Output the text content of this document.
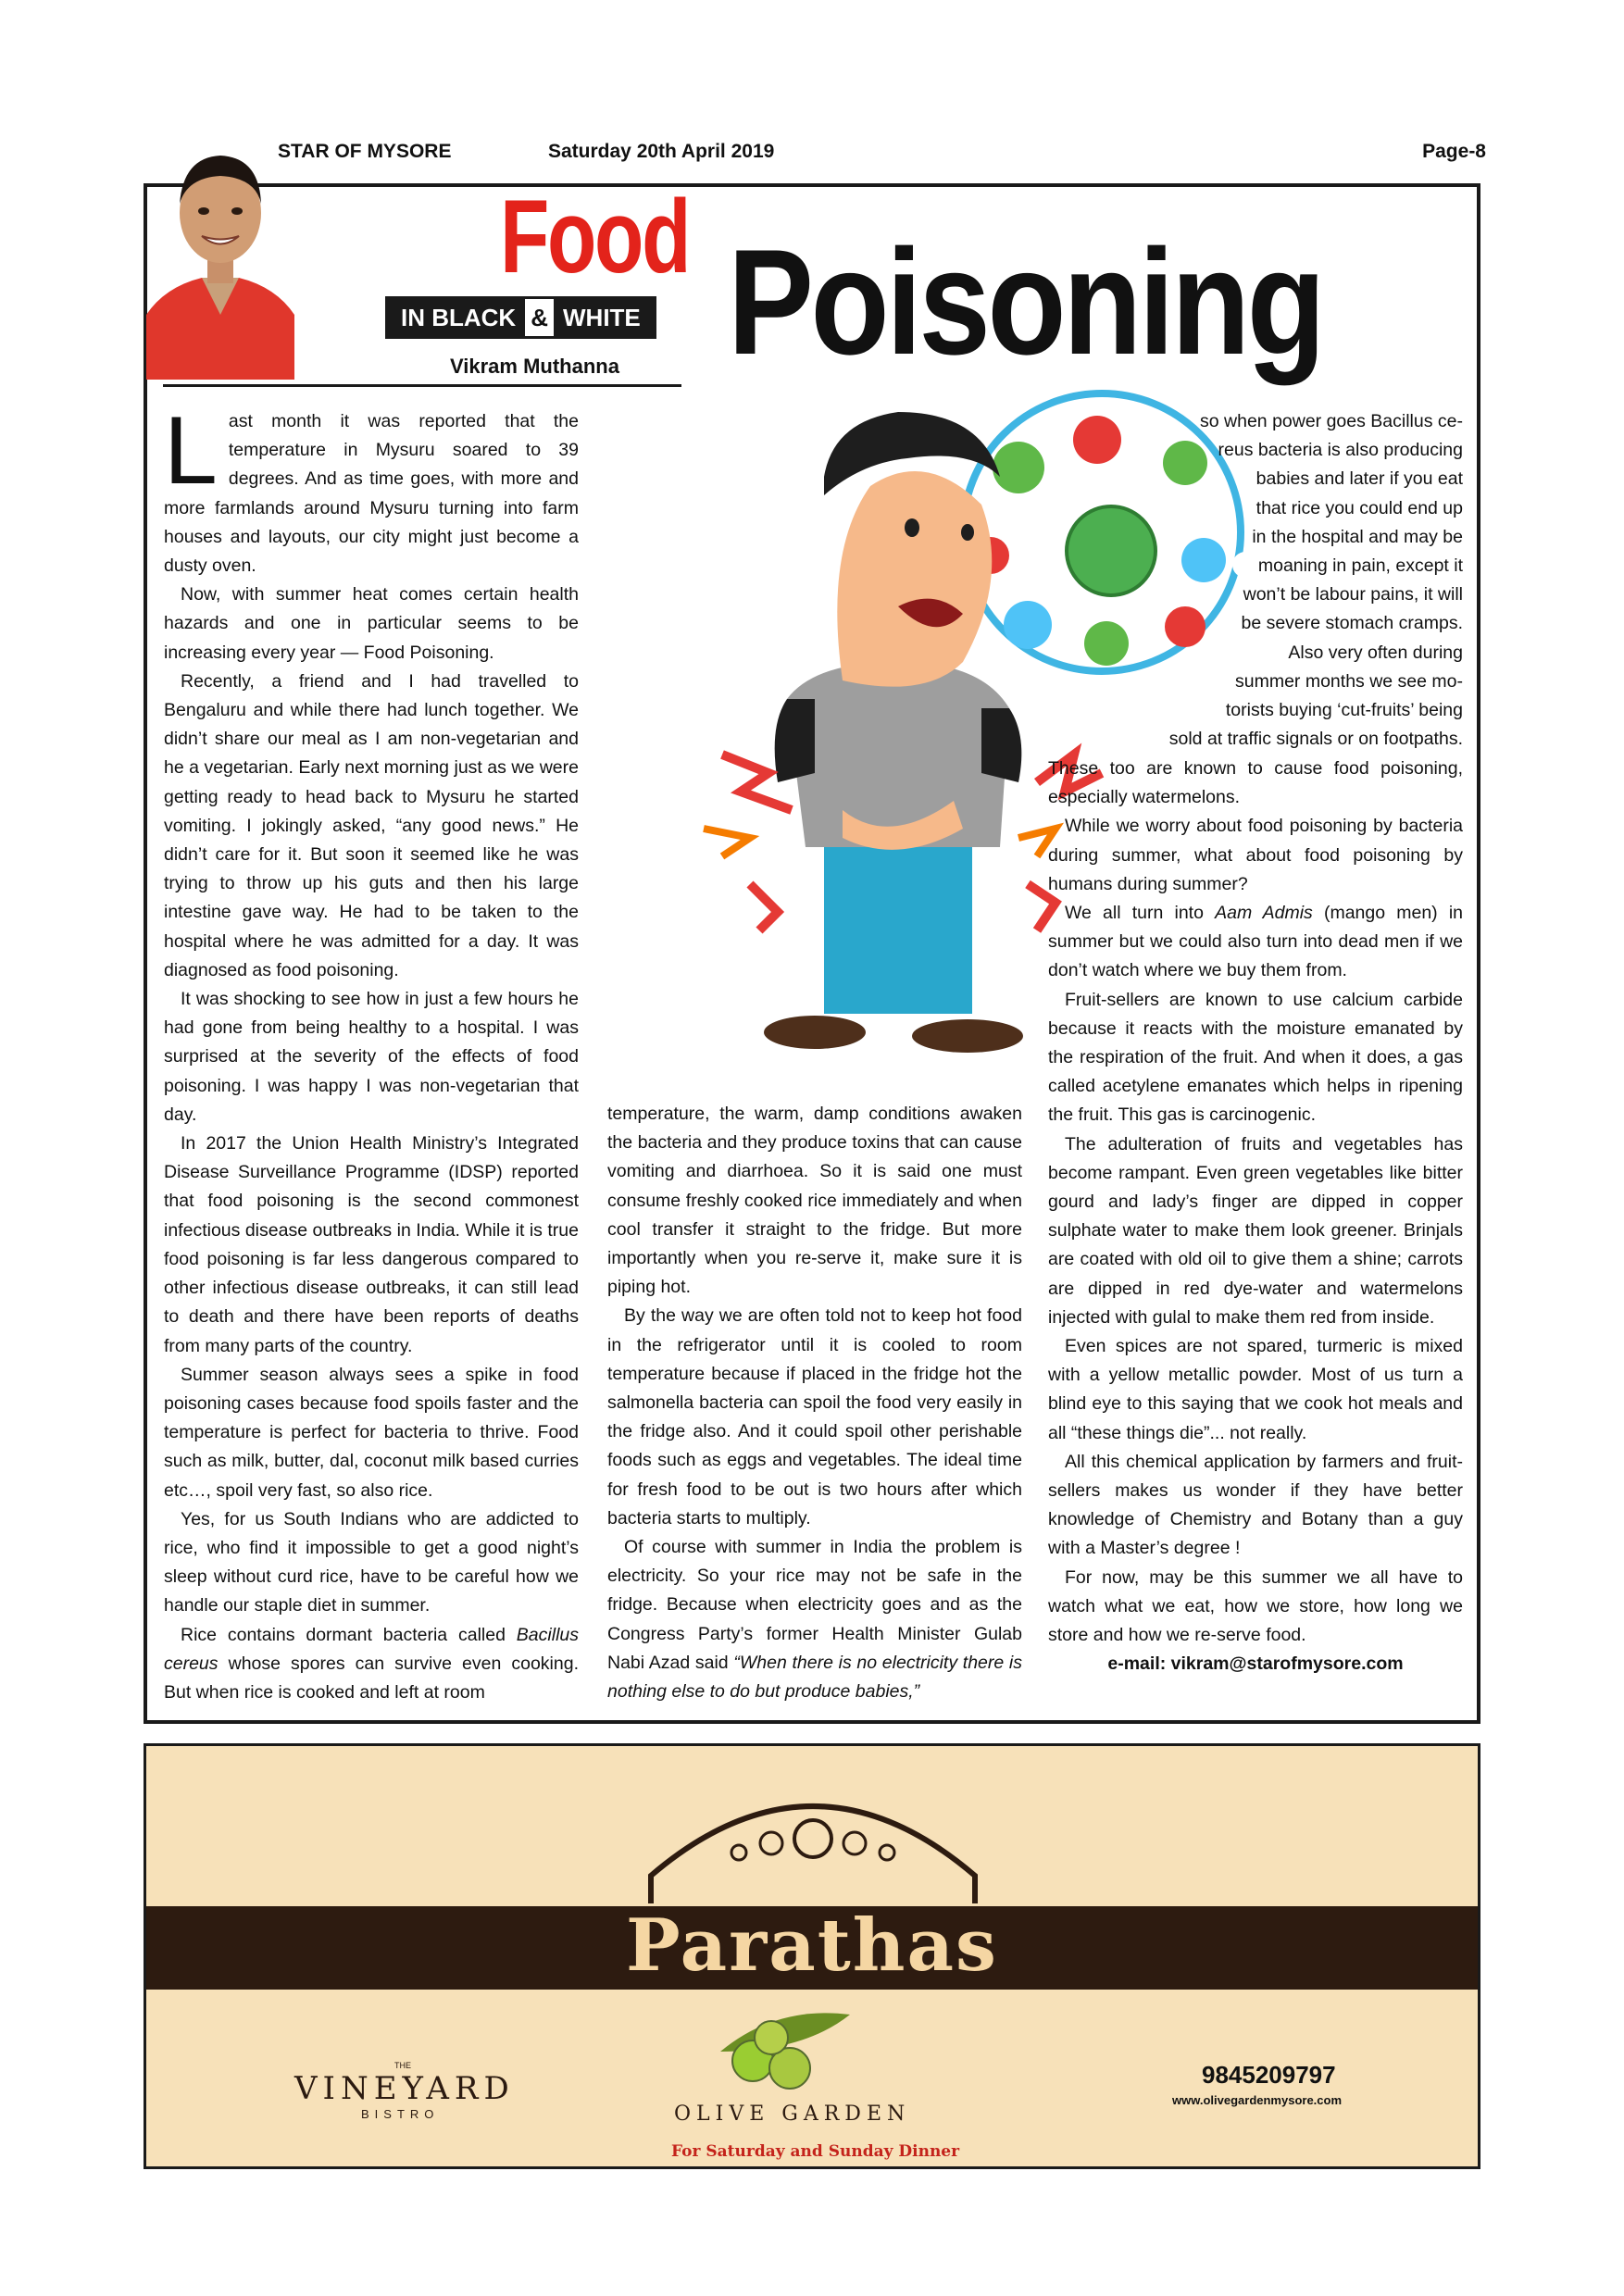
STAR OF MYSORE	Saturday 20th April 2019	Page-8
Food
IN BLACK & WHITE
Vikram Muthanna Poisoning

Last month it was reported that the temperature in Mysuru soared to 39 degrees. And as time goes, with more and more farmlands around Mysuru turning into farm houses and layouts, our city might just become a dusty oven.

Now, with summer heat comes certain health hazards and one in particular seems to be increasing every year — Food Poisoning.

Recently, a friend and I had travelled to Bengaluru and while there had lunch together. We didn’t share our meal as I am non-vegetarian and he a vegetarian. Early next morning just as we were getting ready to head back to Mysuru he started vomiting. I jokingly asked, “any good news.” He didn’t care for it. But soon it seemed like he was trying to throw up his guts and then his large intestine gave way. He had to be taken to the hospital where he was admitted for a day. It was diagnosed as food poisoning.

It was shocking to see how in just a few hours he had gone from being healthy to a hospital. I was surprised at the severity of the effects of food poisoning. I was happy I was non-vegetarian that day.

In 2017 the Union Health Ministry’s Integrated Disease Surveillance Programme (IDSP) reported that food poisoning is the second commonest infectious disease outbreaks in India. While it is true food poisoning is far less dangerous compared to other infectious disease outbreaks, it can still lead to death and there have been reports of deaths from many parts of the country.

Summer season always sees a spike in food poisoning cases because food spoils faster and the temperature is perfect for bacteria to thrive. Food such as milk, butter, dal, coconut milk based curries etc…, spoil very fast, so also rice.

Yes, for us South Indians who are addicted to rice, who find it impossible to get a good night’s sleep without curd rice, have to be careful how we handle our staple diet in summer.

Rice contains dormant bacteria called Bacillus cereus whose spores can survive even cooking. But when rice is cooked and left at room

temperature, the warm, damp conditions awaken the bacteria and they produce toxins that can cause vomiting and diarrhoea. So it is said one must consume freshly cooked rice immediately and when cool transfer it straight to the fridge. But more importantly when you re-serve it, make sure it is piping hot.

By the way we are often told not to keep hot food in the refrigerator until it is cooled to room temperature because if placed in the fridge hot the salmonella bacteria can spoil the food very easily in the fridge also. And it could spoil other perishable foods such as eggs and vegetables. The ideal time for fresh food to be out is two hours after which bacteria starts to multiply.

Of course with summer in India the problem is electricity. So your rice may not be safe in the fridge. Because when electricity goes and as the Congress Party’s former Health Minister Gulab Nabi Azad said “When there is no electricity there is nothing else to do but produce babies,”

so when power goes Bacillus ce-
reus bacteria is also producing
babies and later if you eat
that rice you could end up
in the hospital and may be
moaning in pain, except it
won’t be labour pains, it will
be severe stomach cramps.
Also very often during
summer months we see mo-
torists buying ‘cut-fruits’ being
sold at traffic signals or on footpaths.

These too are known to cause food poisoning, especially watermelons.

While we worry about food poisoning by bacteria during summer, what about food poisoning by humans during summer?

We all turn into Aam Admis (mango men) in summer but we could also turn into dead men if we don’t watch where we buy them from.

Fruit-sellers are known to use calcium carbide because it reacts with the moisture emanated by the respiration of the fruit. And when it does, a gas called acetylene emanates which helps in ripening the fruit. This gas is carcinogenic.

The adulteration of fruits and vegetables has become rampant. Even green vegetables like bitter gourd and lady’s finger are dipped in copper sulphate water to make them look greener. Brinjals are coated with old oil to give them a shine; carrots are dipped in red dye-water and watermelons injected with gulal to make them red from inside.

Even spices are not spared, turmeric is mixed with a yellow metallic powder. Most of us turn a blind eye to this saying that we cook hot meals and all “these things die”... not really.

All this chemical application by farmers and fruit-sellers makes us wonder if they have better knowledge of Chemistry and Botany than a guy with a Master’s degree !

For now, may be this summer we all have to watch what we eat, how we store, how long we store and how we re-serve food.

e-mail: vikram@starofmysore.com

Parathas
THE
VINEYARD
BISTRO	OLIVE GARDEN
For Saturday and Sunday Dinner
9845209797
www.olivegardenmysore.com
